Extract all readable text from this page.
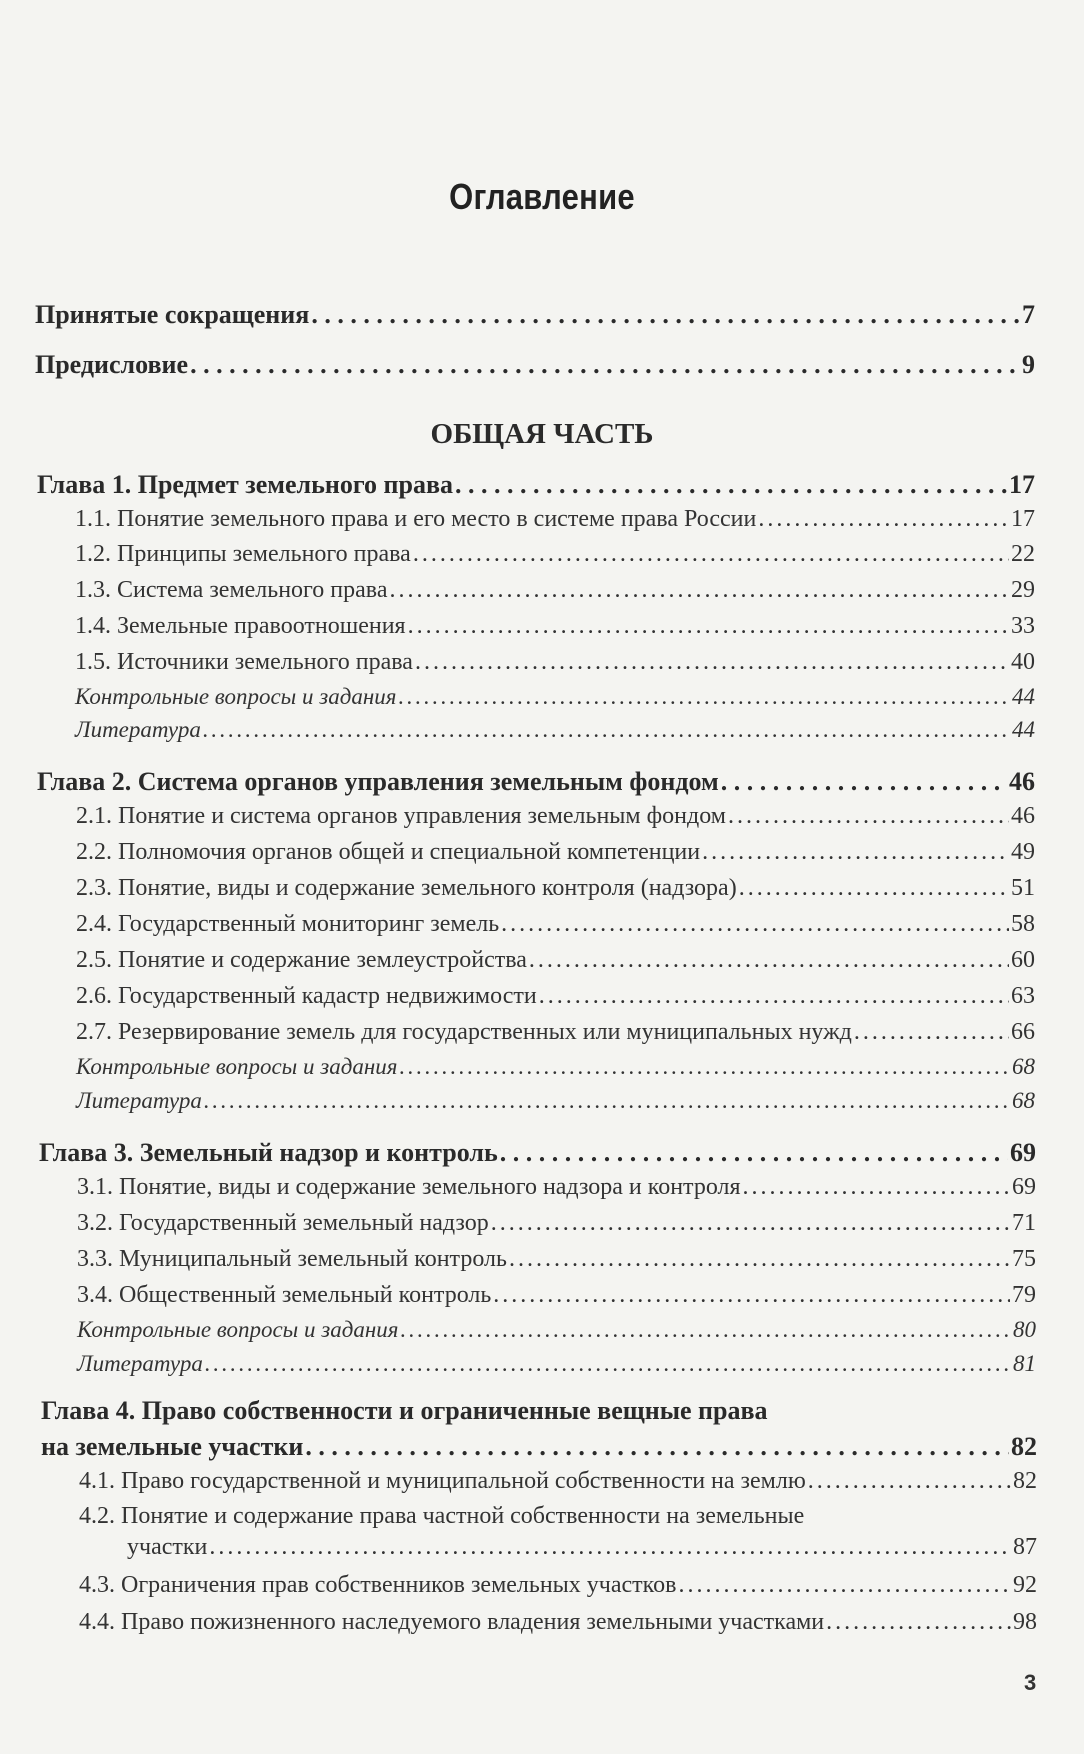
Оглавление
Принятые сокращения . . .	7
Предисловие . . .	9
ОБЩАЯ ЧАСТЬ
Глава 1. Предмет земельного права . . .	17
1.1. Понятие земельного права и его место в системе права России . . .	17
1.2. Принципы земельного права . . .	22
1.3. Система земельного права . . .	29
1.4. Земельные правоотношения . . .	33
1.5. Источники земельного права . . .	40
Контрольные вопросы и задания . . .	44
Литература . . .	44
Глава 2. Система органов управления земельным фондом . . .	46
2.1. Понятие и система органов управления земельным фондом . . .	46
2.2. Полномочия органов общей и специальной компетенции . . .	49
2.3. Понятие, виды и содержание земельного контроля (надзора) . . .	51
2.4. Государственный мониторинг земель . . .	58
2.5. Понятие и содержание землеустройства . . .	60
2.6. Государственный кадастр недвижимости . . .	63
2.7. Резервирование земель для государственных или муниципальных нужд . . .	66
Контрольные вопросы и задания . . .	68
Литература . . .	68
Глава 3. Земельный надзор и контроль . . .	69
3.1. Понятие, виды и содержание земельного надзора и контроля . . .	69
3.2. Государственный земельный надзор . . .	71
3.3. Муниципальный земельный контроль . . .	75
3.4. Общественный земельный контроль . . .	79
Контрольные вопросы и задания . . .	80
Литература . . .	81
Глава 4. Право собственности и ограниченные вещные права
на земельные участки . . .	82
4.1. Право государственной и муниципальной собственности на землю . . .	82
4.2. Понятие и содержание права частной собственности на земельные
участки . . .	87
4.3. Ограничения прав собственников земельных участков . . .	92
4.4. Право пожизненного наследуемого владения земельными участками . . .	98
3
